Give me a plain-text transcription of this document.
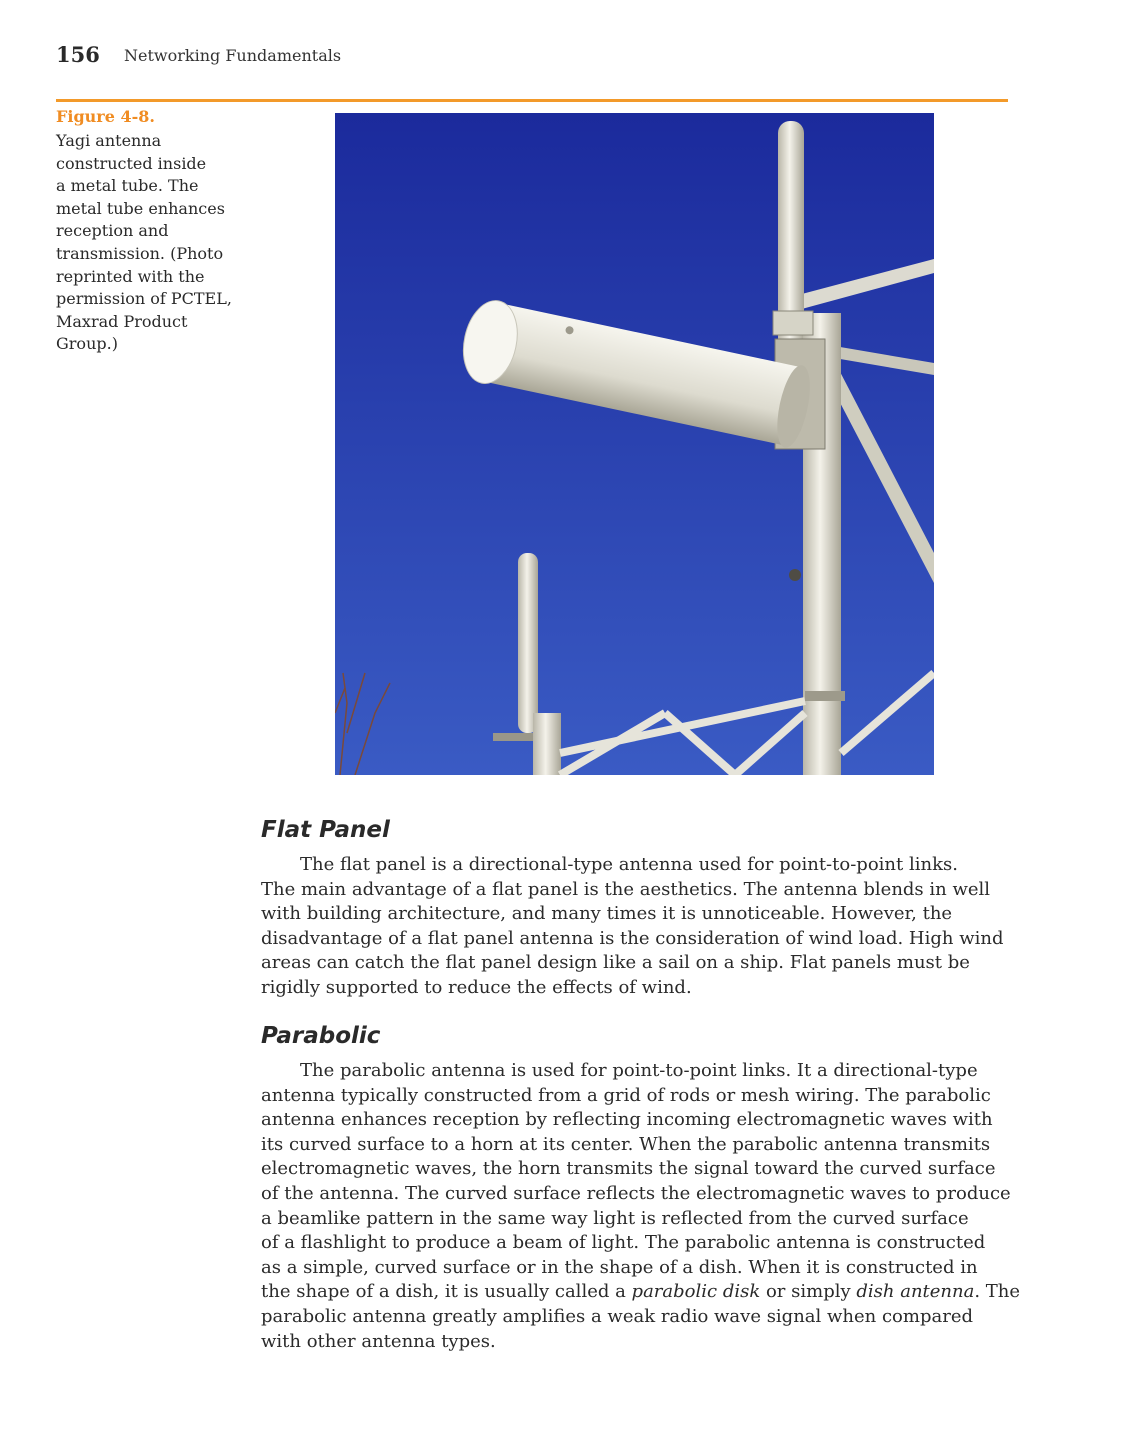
156 Networking Fundamentals
Figure 4-8.
Yagi antenna
constructed inside
a metal tube. The
metal tube enhances
reception and
transmission. (Photo
reprinted with the
permission of PCTEL,
Maxrad Product
Group.)
Flat Panel
The flat panel is a directional-type antenna used for point-to-point links.
The main advantage of a flat panel is the aesthetics. The antenna blends in well
with building architecture, and many times it is unnoticeable. However, the
disadvantage of a flat panel antenna is the consideration of wind load. High wind
areas can catch the flat panel design like a sail on a ship. Flat panels must be
rigidly supported to reduce the effects of wind.
Parabolic
The parabolic antenna is used for point-to-point links. It a directional-type
antenna typically constructed from a grid of rods or mesh wiring. The parabolic
antenna enhances reception by reflecting incoming electromagnetic waves with
its curved surface to a horn at its center. When the parabolic antenna transmits
electromagnetic waves, the horn transmits the signal toward the curved surface
of the antenna. The curved surface reflects the electromagnetic waves to produce
a beamlike pattern in the same way light is reflected from the curved surface
of a flashlight to produce a beam of light. The parabolic antenna is constructed
as a simple, curved surface or in the shape of a dish. When it is constructed in
the shape of a dish, it is usually called a parabolic disk or simply dish antenna. The
parabolic antenna greatly amplifies a weak radio wave signal when compared
with other antenna types.
